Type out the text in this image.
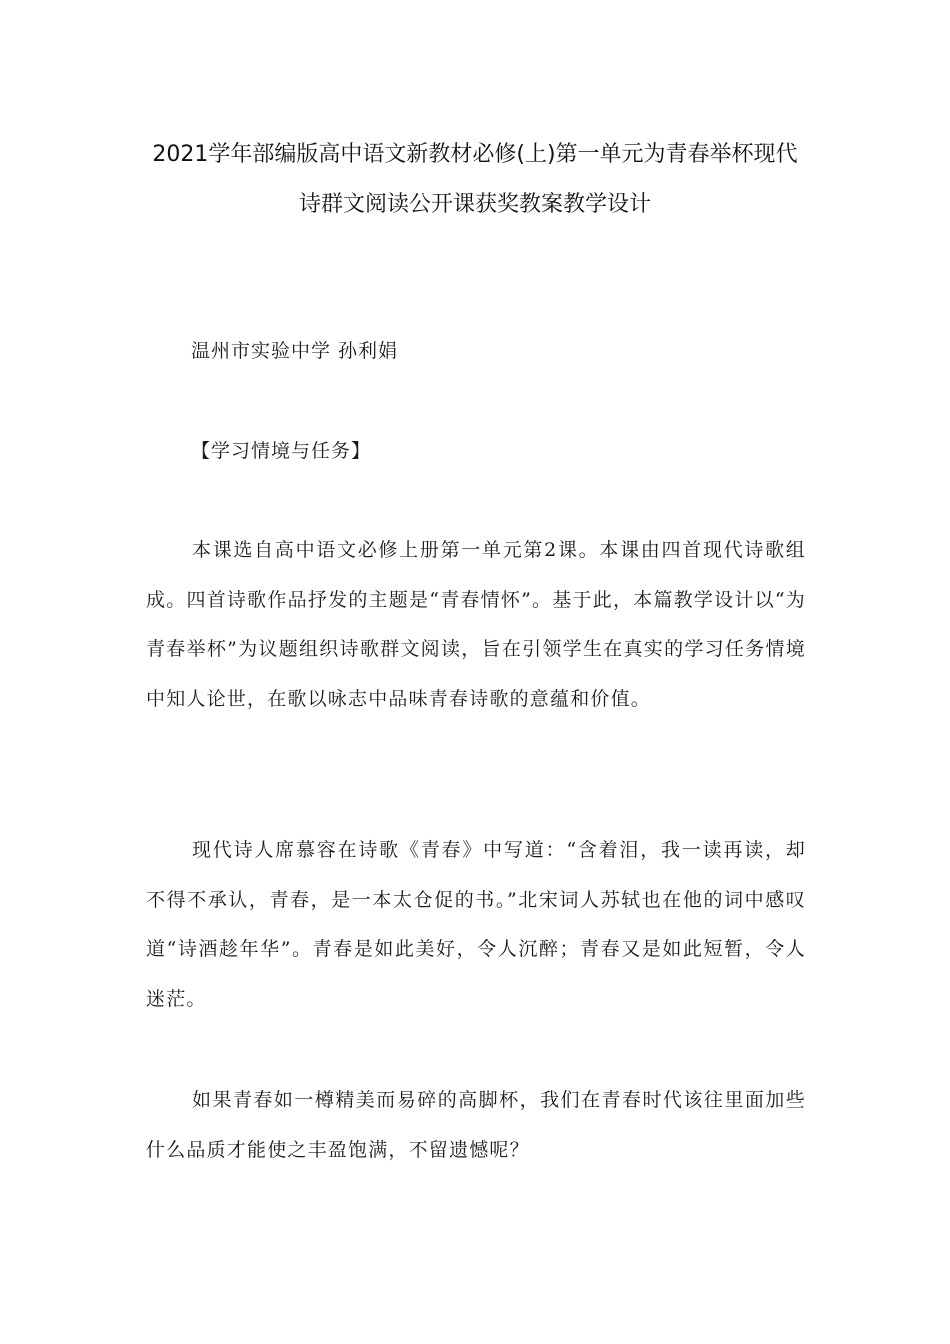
2021学年部编版高中语文新教材必修(上)第一单元为青春举杯现代
诗群文阅读公开课获奖教案教学设计
温州市实验中学 孙利娟
【学习情境与任务】

本课选自高中语文必修上册第一单元第2课。本课由四首现代诗歌组成。四首诗歌作品抒发的主题是“青春情怀”。基于此，本篇教学设计以“为青春举杯”为议题组织诗歌群文阅读，旨在引领学生在真实的学习任务情境中知人论世，在歌以咏志中品味青春诗歌的意蕴和价值。

现代诗人席慕容在诗歌《青春》中写道：“含着泪，我一读再读，却不得不承认，青春，是一本太仓促的书。”北宋词人苏轼也在他的词中感叹道“诗酒趁年华”。青春是如此美好，令人沉醉；青春又是如此短暂，令人迷茫。

如果青春如一樽精美而易碎的高脚杯，我们在青春时代该往里面加些什么品质才能使之丰盈饱满，不留遗憾呢？
